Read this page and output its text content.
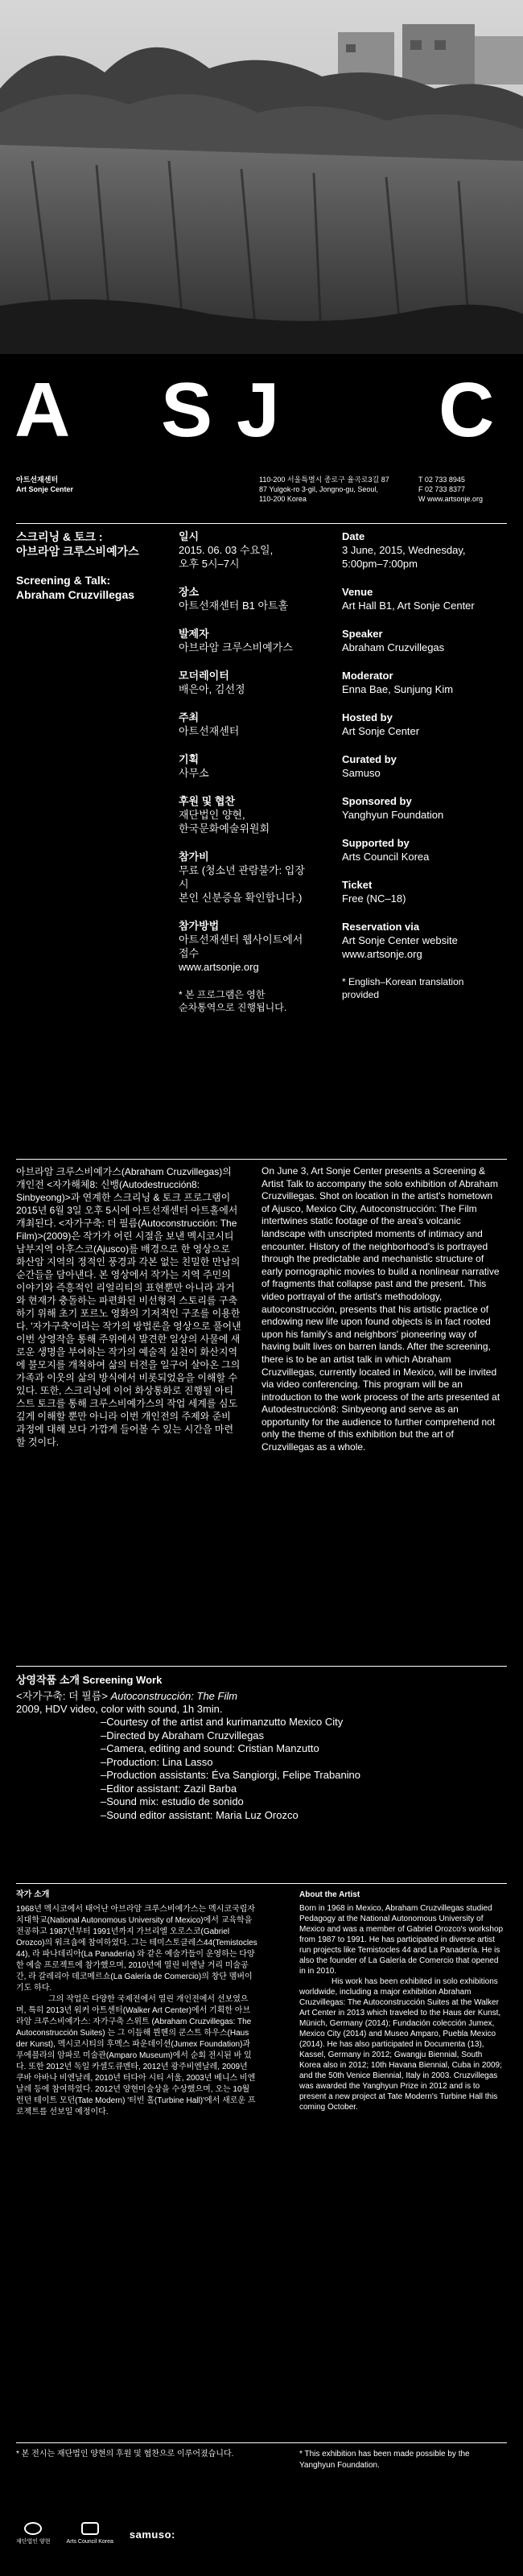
A SJ C
아트선재센터
Art Sonje Center
110-200 서울특별시 종로구 율곡로3길 87
87 Yulgok-ro 3-gil, Jongno-gu, Seoul,
110-200 Korea
T 02 733 8945
F 02 733 8377
W www.artsonje.org
스크리닝 & 토크 :
아브라암 크루스비예가스
Screening & Talk:
Abraham Cruzvillegas
일시
2015. 06. 03 수요일,
오후 5시–7시
장소
아트선재센터 B1 아트홀
발제자
아브라암 크루스비예가스
모더레이터
배은아, 김선정
주최
아트선재센터
기획
사무소
후원 및 협찬
재단법인 양현,
한국문화예술위원회
참가비
무료 (청소년 관람불가: 입장 시
본인 신분증을 확인합니다.)
참가방법
아트선재센터 웹사이트에서 접수
www.artsonje.org
* 본 프로그램은 영한
순차통역으로 진행됩니다.
Date
3 June, 2015, Wednesday,
5:00pm–7:00pm
Venue
Art Hall B1, Art Sonje Center
Speaker
Abraham Cruzvillegas
Moderator
Enna Bae, Sunjung Kim
Hosted by
Art Sonje Center
Curated by
Samuso
Sponsored by
Yanghyun Foundation
Supported by
Arts Council Korea
Ticket
Free (NC–18)
Reservation via
Art Sonje Center website
www.artsonje.org
* English–Korean translation
provided
아브라암 크루스비예가스(Abraham Cruzvillegas)의 개인전 <자가해체8: 신뱅(Autodestrucción8: Sinbyeong)>과 연계한 스크리닝 & 토크 프로그램이 2015년 6월 3일 오후 5시에 아트선재센터 아트홀에서 개최된다. <자가구축: 더 필름(Autoconstrucción: The Film)>(2009)은 작가가 어린 시절을 보낸 멕시코시티 남부지역 아후스코(Ajusco)를 배경으로 한 영상으로 화산암 지역의 정적인 풍경과 각본 없는 친밀한 만남의 순간들을 담아낸다. 본 영상에서 작가는 지역 주민의 이야기와 즉흥적인 리얼리티의 표현뿐만 아니라 과거와 현재가 충돌하는 파편화된 비선형적 스토리를 구축하기 위해 초기 포르노 영화의 기저적인 구조를 이용한다. '자가구축'이라는 작가의 방법론을 영상으로 풀어낸 이번 상영작을 통해 주위에서 발견한 일상의 사물에 새로운 생명을 부여하는 작가의 예술적 실천이 화산지역에 불모지를 개척하여 삶의 터전을 일구어 살아온 그의 가족과 이웃의 삶의 방식에서 비롯되었음을 이해할 수 있다. 또한, 스크리닝에 이어 화상통화로 진행될 아티스트 토크를 통해 크루스비예가스의 작업 세계를 심도 깊게 이해할 뿐만 아니라 이번 개인전의 주제와 준비 과정에 대해 보다 가깝게 들어볼 수 있는 시간을 마련할 것이다.
On June 3, Art Sonje Center presents a Screening & Artist Talk to accompany the solo exhibition of Abraham Cruzvillegas. Shot on location in the artist's hometown of Ajusco, Mexico City, Autoconstrucción: The Film intertwines static footage of the area's volcanic landscape with unscripted moments of intimacy and encounter. History of the neighborhood's is portrayed through the predictable and mechanistic structure of early pornographic movies to build a nonlinear narrative of fragments that collapse past and the present. This video portrayal of the artist's methodology, autoconstrucción, presents that his artistic practice of endowing new life upon found objects is in fact rooted upon his family's and neighbors' pioneering way of having built lives on barren lands. After the screening, there is to be an artist talk in which Abraham Cruzvillegas, currently located in Mexico, will be invited via video conferencing. This program will be an introduction to the work process of the arts presented at Autodestrucción8: Sinbyeong and serve as an opportunity for the audience to further comprehend not only the theme of this exhibition but the art of Cruzvillegas as a whole.
상영작품 소개 Screening Work
<자가구축: 더 필름> Autoconstrucción: The Film
2009, HDV video, color with sound, 1h 3min.
–Courtesy of the artist and kurimanzutto Mexico City
–Directed by Abraham Cruzvillegas
–Camera, editing and sound: Cristian Manzutto
–Production: Lina Lasso
–Production assistants: Éva Sangiorgi, Felipe Trabanino
–Editor assistant: Zazil Barba
–Sound mix: estudio de sonido
–Sound editor assistant: Maria Luz Orozco
작가 소개

1968년 멕시코에서 태어난 아브라암 크루스비예가스는 멕시코국립자치대학교(National Autonomous University of Mexico)에서 교육학을 전공하고 1987년부터 1991년까지 가브리엘 오로스코(Gabriel Orozco)의 워크숍에 참여하였다. 그는 테미스토클레스44(Temistocles 44), 라 파나데리아(La Panadería) 와 같은 예술가들이 운영하는 다양한 예술 프로젝트에 참가했으며, 2010년에 열린 비엔날 거리 미술공간, 라 갈레리아 데코메르쇼(La Galería de Comercio)의 창단 멤버이기도 하다.

그의 작업은 다양한 국제전에서 열린 개인전에서 선보였으며, 특히 2013년 워커 아트센터(Walker Art Center)에서 기획한 아브라암 크루스비예가스: 자가구축 스위트 (Abraham Cruzvillegas: The Autoconstrucción Suites) 는 그 이듬해 뮌헨의 쿤스트 하우스(Haus der Kunst), 멕시코시티의 후멕스 파운데이션(Jumex Foundation)과 푸에블라의 암파로 미술관(Amparo Museum)에서 순회 전시된 바 있다. 또한 2012년 독일 카셀도큐멘타, 2012년 광주비엔날레, 2009년 쿠바 아바나 비엔날레, 2010년 터다아 시티 서울, 2003년 베니스 비엔날레 등에 참여하였다. 2012년 양현미술상을 수상했으며, 오는 10월 런던 테이트 모던(Tate Modern) '터빈 홀(Turbine Hall)'에서 새로운 프로젝트를 선보일 예정이다.

About the Artist

Born in 1968 in Mexico, Abraham Cruzvillegas studied Pedagogy at the National Autonomous University of Mexico and was a member of Gabriel Orozco's workshop from 1987 to 1991. He has participated in diverse artist run projects like Temistocles 44 and La Panadería. He is also the founder of La Galería de Comercio that opened in in 2010.

His work has been exhibited in solo exhibitions worldwide, including a major exhibition Abraham Cruzvillegas: The Autoconstrucción Suites at the Walker Art Center in 2013 which traveled to the Haus der Kunst, Münich, Germany (2014); Fundación colección Jumex, Mexico City (2014) and Museo Amparo, Puebla Mexico (2014). He has also participated in Documenta (13), Kassel, Germany in 2012; Gwangju Biennial, South Korea also in 2012; 10th Havana Biennial, Cuba in 2009; and the 50th Venice Biennial, Italy in 2003. Cruzvillegas was awarded the Yanghyun Prize in 2012 and is to present a new project at Tate Modern's Turbine Hall this coming October.

* 본 전시는 재단법인 양현의 후원 및 협찬으로 이루어졌습니다.	* This exhibition has been made possible by the Yanghyun Foundation.
재단법인 양현	Arts Council Korea
samuso:
